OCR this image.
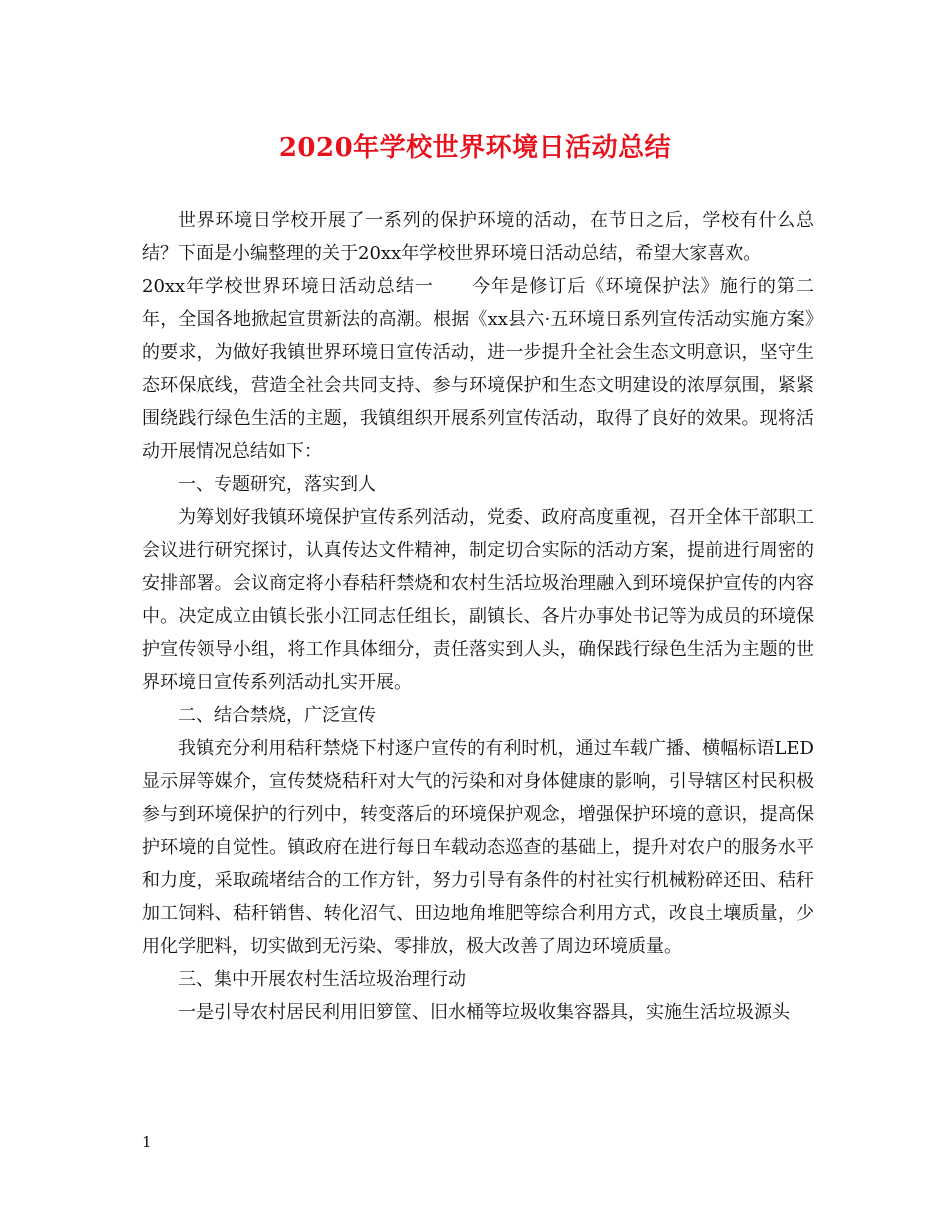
2020年学校世界环境日活动总结

世界环境日学校开展了一系列的保护环境的活动，在节日之后，学校有什么总结？下面是小编整理的关于20xx年学校世界环境日活动总结，希望大家喜欢。

20xx年学校世界环境日活动总结一　　今年是修订后《环境保护法》施行的第二年，全国各地掀起宣贯新法的高潮。根据《xx县六·五环境日系列宣传活动实施方案》的要求，为做好我镇世界环境日宣传活动，进一步提升全社会生态文明意识，坚守生态环保底线，营造全社会共同支持、参与环境保护和生态文明建设的浓厚氛围，紧紧围绕践行绿色生活的主题，我镇组织开展系列宣传活动，取得了良好的效果。现将活动开展情况总结如下：

一、专题研究，落实到人

为筹划好我镇环境保护宣传系列活动，党委、政府高度重视，召开全体干部职工会议进行研究探讨，认真传达文件精神，制定切合实际的活动方案，提前进行周密的安排部署。会议商定将小春秸秆禁烧和农村生活垃圾治理融入到环境保护宣传的内容中。决定成立由镇长张小江同志任组长，副镇长、各片办事处书记等为成员的环境保护宣传领导小组，将工作具体细分，责任落实到人头，确保践行绿色生活为主题的世界环境日宣传系列活动扎实开展。

二、结合禁烧，广泛宣传

我镇充分利用秸秆禁烧下村逐户宣传的有利时机，通过车载广播、横幅标语LED显示屏等媒介，宣传焚烧秸秆对大气的污染和对身体健康的影响，引导辖区村民积极参与到环境保护的行列中，转变落后的环境保护观念，增强保护环境的意识，提高保护环境的自觉性。镇政府在进行每日车载动态巡查的基础上，提升对农户的服务水平和力度，采取疏堵结合的工作方针，努力引导有条件的村社实行机械粉碎还田、秸秆加工饲料、秸秆销售、转化沼气、田边地角堆肥等综合利用方式，改良土壤质量，少用化学肥料，切实做到无污染、零排放，极大改善了周边环境质量。

三、集中开展农村生活垃圾治理行动

一是引导农村居民利用旧箩筐、旧水桶等垃圾收集容器具，实施生活垃圾源头

1
